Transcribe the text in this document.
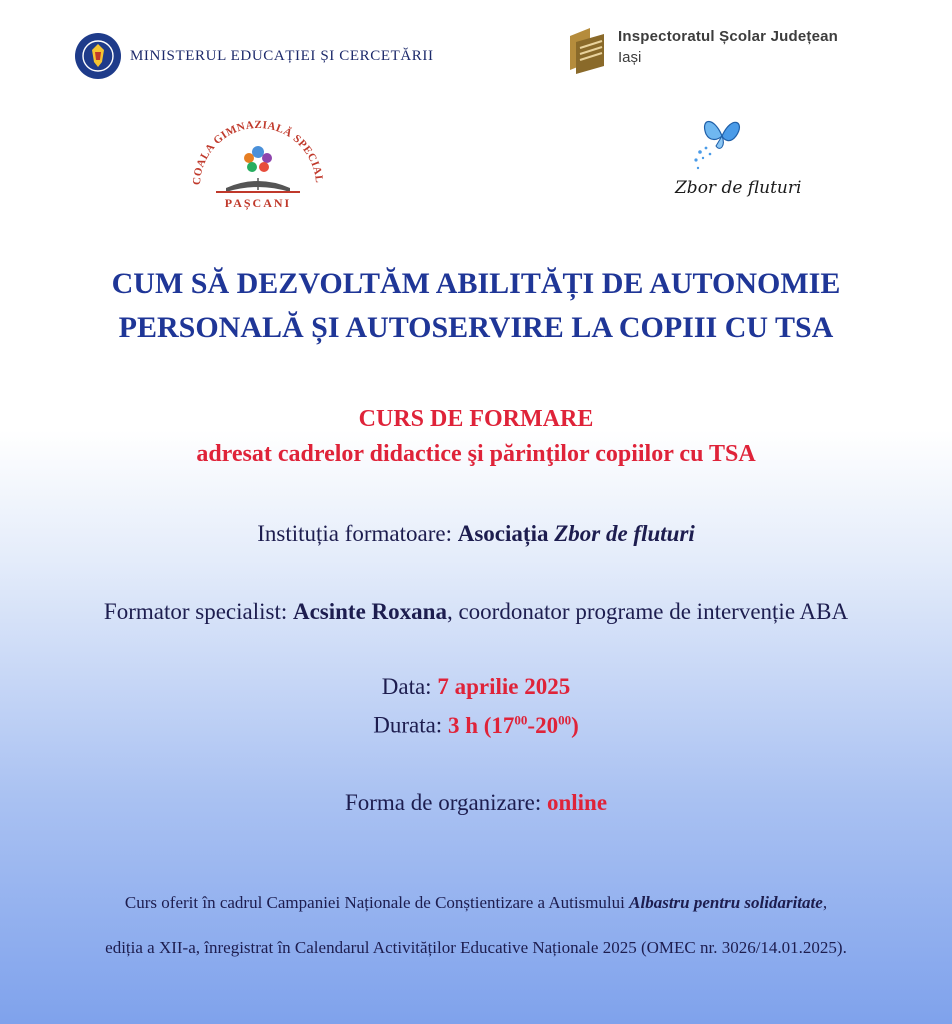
MINISTERUL EDUCAȚIEI ȘI CERCETĂRII
Inspectoratul Școlar Județean
Iași
COALA GIMNAZIALĂ SPECIAL
PAȘCANI
Zbor de fluturi
CUM SĂ DEZVOLTĂM ABILITĂȚI DE AUTONOMIE
PERSONALĂ ȘI AUTOSERVIRE LA COPIII CU TSA
CURS DE FORMARE
adresat cadrelor didactice şi părinţilor copiilor cu TSA
Instituția formatoare: Asociația Zbor de fluturi
Formator specialist: Acsinte Roxana, coordonator programe de intervenție ABA
Data: 7 aprilie 2025
Durata: 3 h $(17^{00}-20^{00})$
Forma de organizare: online
Curs oferit în cadrul Campaniei Naționale de Conștientizare a Autismului Albastru pentru solidaritate,
ediția a XII-a, înregistrat în Calendarul Activităților Educative Naționale 2025 (OMEC nr. 3026/14.01.2025).
